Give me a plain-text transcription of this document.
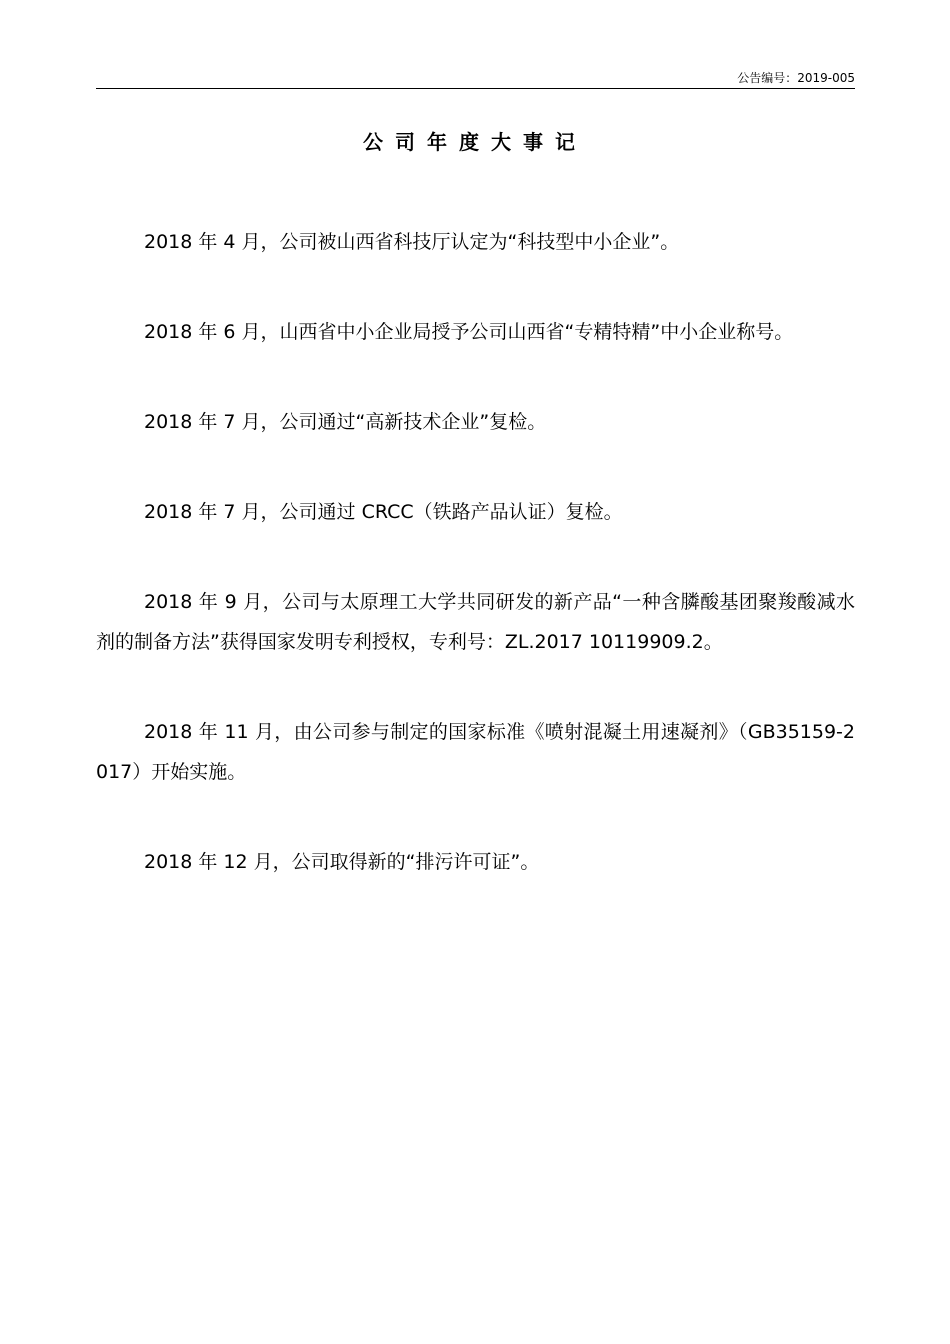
公告编号：2019-005
公司年度大事记
2018 年 4 月，公司被山西省科技厅认定为“科技型中小企业”。
2018 年 6 月，山西省中小企业局授予公司山西省“专精特精”中小企业称号。
2018 年 7 月，公司通过“高新技术企业”复检。
2018 年 7 月，公司通过 CRCC（铁路产品认证）复检。
2018 年 9 月，公司与太原理工大学共同研发的新产品“一种含膦酸基团聚羧酸减水剂的制备方法”获得国家发明专利授权，专利号：ZL.2017 10119909.2。
2018 年 11 月，由公司参与制定的国家标准《喷射混凝土用速凝剂》（GB35159-2017）开始实施。
2018 年 12 月，公司取得新的“排污许可证”。
